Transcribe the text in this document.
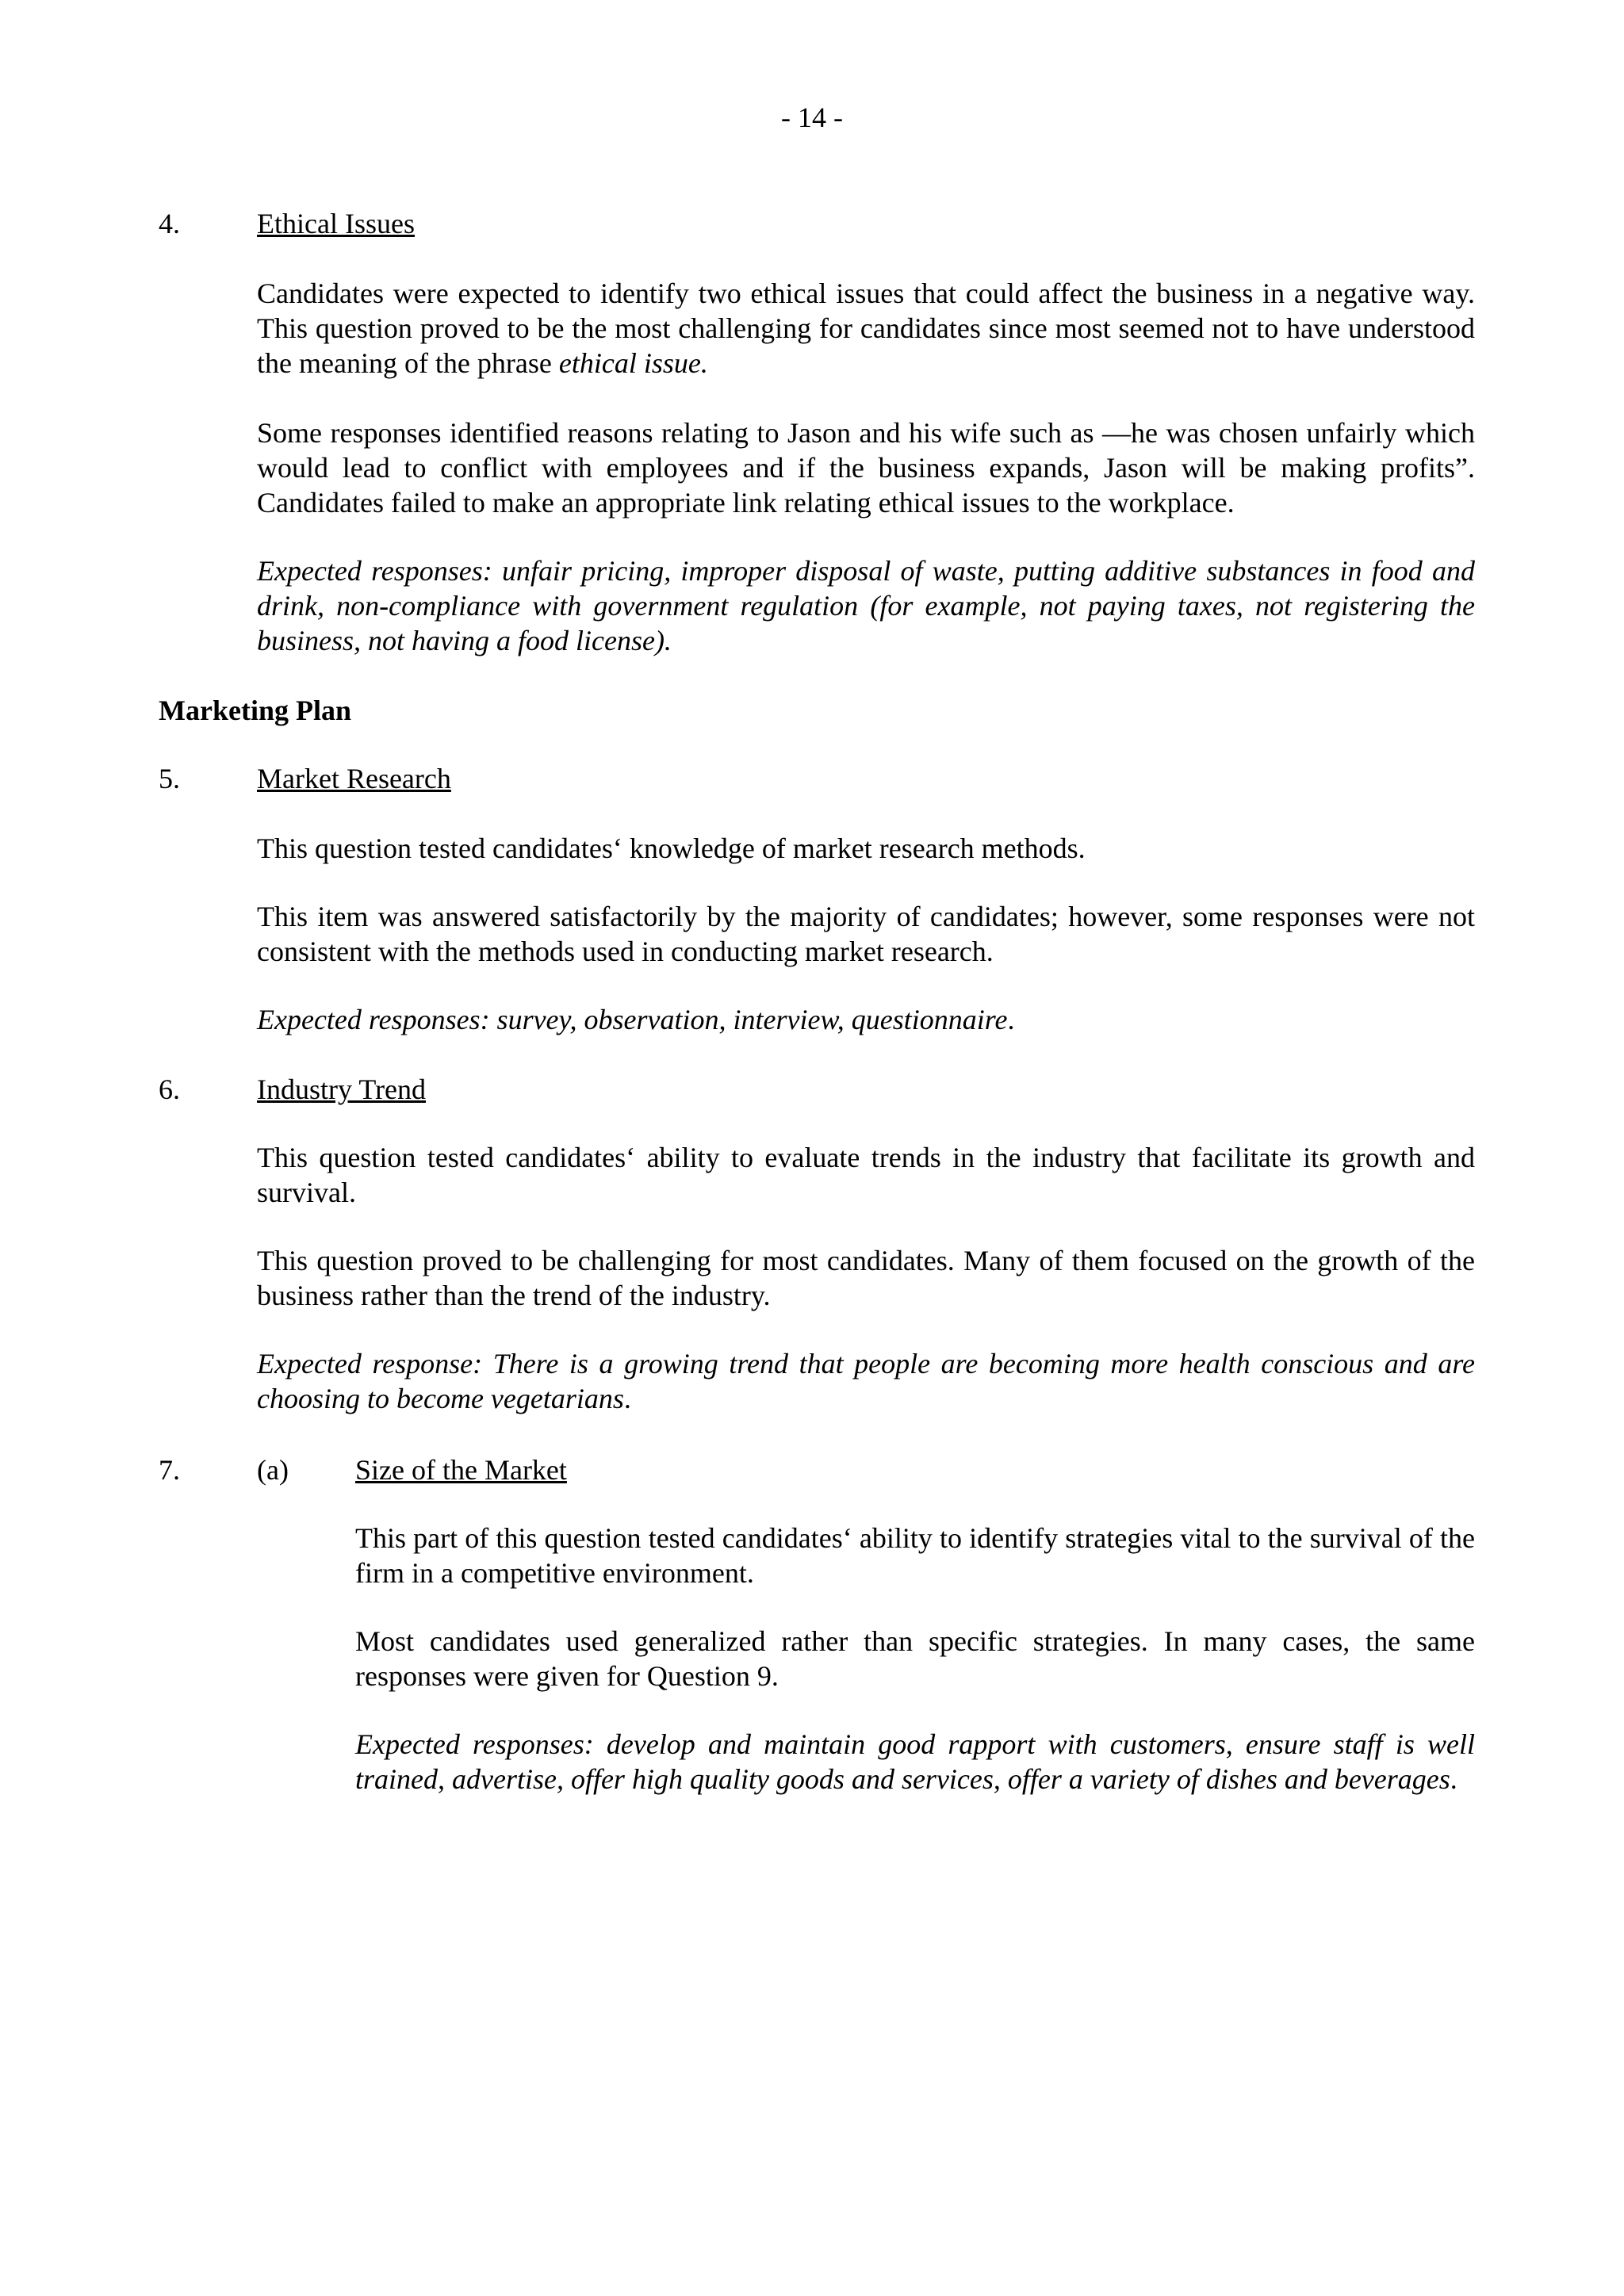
- 14 -
4.	Ethical Issues
Candidates were expected to identify two ethical issues that could affect the business in a negative way. This question proved to be the most challenging for candidates since most seemed not to have understood the meaning of the phrase ethical issue.
Some responses identified reasons relating to Jason and his wife such as ―he was chosen unfairly which would lead to conflict with employees and if the business expands, Jason will be making profits”. Candidates failed to make an appropriate link relating ethical issues to the workplace.
Expected responses: unfair pricing, improper disposal of waste, putting additive substances in food and drink, non-compliance with government regulation (for example, not paying taxes, not registering the business, not having a food license).
Marketing Plan
5.	Market Research
This question tested candidates‘ knowledge of market research methods.
This item was answered satisfactorily by the majority of candidates; however, some responses were not consistent with the methods used in conducting market research.
Expected responses: survey, observation, interview, questionnaire.
6.	Industry Trend
This question tested candidates‘ ability to evaluate trends in the industry that facilitate its growth and survival.
This question proved to be challenging for most candidates. Many of them focused on the growth of the business rather than the trend of the industry.
Expected response: There is a growing trend that people are becoming more health conscious and are choosing to become vegetarians.
7.	(a) Size of the Market
This part of this question tested candidates‘ ability to identify strategies vital to the survival of the firm in a competitive environment.
Most candidates used generalized rather than specific strategies. In many cases, the same responses were given for Question 9.
Expected responses: develop and maintain good rapport with customers, ensure staff is well trained, advertise, offer high quality goods and services, offer a variety of dishes and beverages.
